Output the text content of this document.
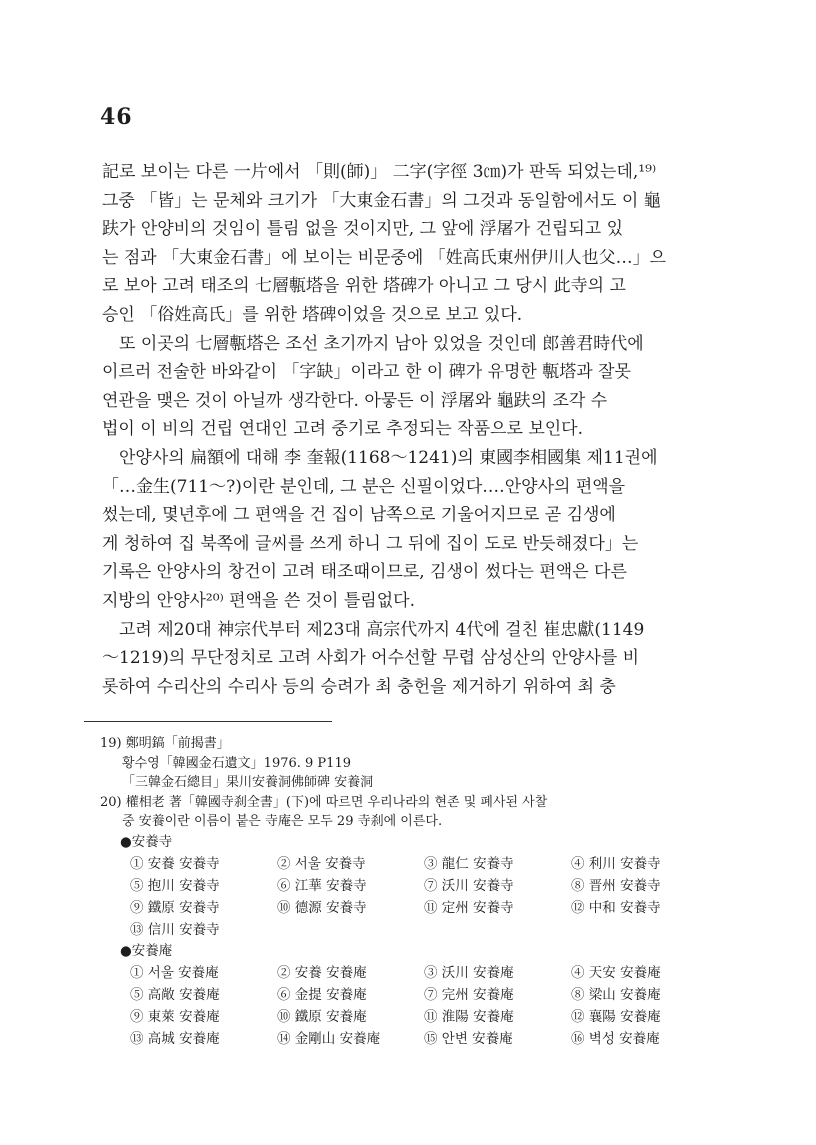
46
記로 보이는 다른 一片에서 「則(師)」 二字(字徑 3㎝)가 판독 되었는데,¹⁹⁾
그중 「皆」는 문체와 크기가 「大東金石書」의 그것과 동일함에서도 이 龜
趺가 안양비의 것임이 틀림 없을 것이지만, 그 앞에 浮屠가 건립되고 있
는 점과 「大東金石書」에 보이는 비문중에 「姓高氏東州伊川人也父…」으
로 보아 고려 태조의 七層甎塔을 위한 塔碑가 아니고 그 당시 此寺의 고
승인 「俗姓高氏」를 위한 塔碑이었을 것으로 보고 있다.
　또 이곳의 七層甎塔은 조선 초기까지 남아 있었을 것인데 郎善君時代에
이르러 전술한 바와같이 「字缺」이라고 한 이 碑가 유명한 甎塔과 잘못
연관을 맺은 것이 아닐까 생각한다. 아뭏든 이 浮屠와 龜趺의 조각 수
법이 이 비의 건립 연대인 고려 중기로 추정되는 작품으로 보인다.
　안양사의 扁額에 대해 李 奎報(1168～1241)의 東國李相國集 제11권에
「…金生(711～?)이란 분인데, 그 분은 신필이었다.…안양사의 편액을
썼는데, 몇년후에 그 편액을 건 집이 남쪽으로 기울어지므로 곧 김생에
게 청하여 집 북쪽에 글씨를 쓰게 하니 그 뒤에 집이 도로 반듯해졌다」는
기록은 안양사의 창건이 고려 태조때이므로, 김생이 썼다는 편액은 다른
지방의 안양사²⁰⁾ 편액을 쓴 것이 틀림없다.
　고려 제20대 神宗代부터 제23대 高宗代까지 4代에 걸친 崔忠獻(1149
～1219)의 무단정치로 고려 사회가 어수선할 무렵 삼성산의 안양사를 비
롯하여 수리산의 수리사 등의 승려가 최 충헌을 제거하기 위하여 최 충
19) 鄭明鎬「前揭書」
황수영「韓國金石遺文」1976. 9 P119
「三韓金石總目」果川安養洞佛師碑 安養洞
20) 權相老 著「韓國寺刹全書」(下)에 따르면 우리나라의 현존 및 폐사된 사찰
중 安養이란 이름이 붙은 寺庵은 모두 29 寺刹에 이른다.
●安養寺
① 安養 安養寺	② 서울 安養寺	③ 龍仁 安養寺	④ 利川 安養寺
⑤ 抱川 安養寺	⑥ 江華 安養寺	⑦ 沃川 安養寺	⑧ 晋州 安養寺
⑨ 鐵原 安養寺	⑩ 德源 安養寺	⑪ 定州 安養寺	⑫ 中和 安養寺
⑬ 信川 安養寺
●安養庵
① 서울 安養庵	② 安養 安養庵	③ 沃川 安養庵	④ 天安 安養庵
⑤ 高敞 安養庵	⑥ 金提 安養庵	⑦ 完州 安養庵	⑧ 梁山 安養庵
⑨ 東萊 安養庵	⑩ 鐵原 安養庵	⑪ 淮陽 安養庵	⑫ 襄陽 安養庵
⑬ 高城 安養庵	⑭ 金剛山 安養庵	⑮ 안변 安養庵	⑯ 벽성 安養庵
